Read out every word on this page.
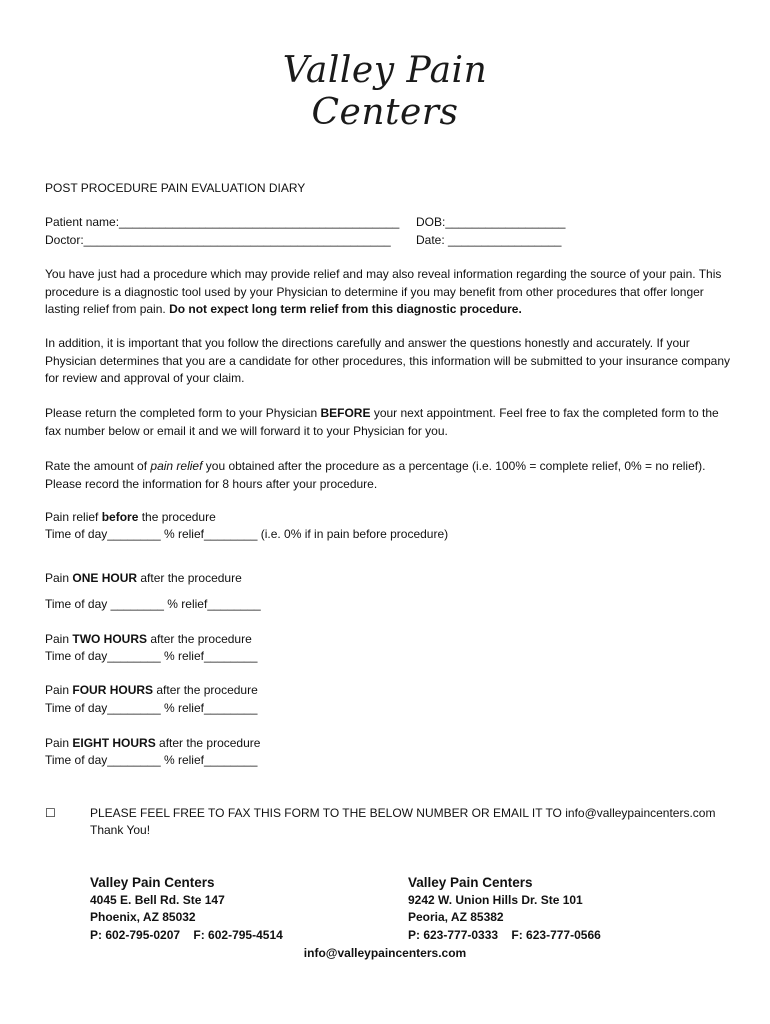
Valley Pain
Centers
POST PROCEDURE PAIN EVALUATION DIARY
Patient name:__________________________________________ DOB:__________________
Doctor:______________________________________________ Date: _________________
You have just had a procedure which may provide relief and may also reveal information regarding the source of your pain. This procedure is a diagnostic tool used by your Physician to determine if you may benefit from other procedures that offer longer lasting relief from pain. Do not expect long term relief from this diagnostic procedure.
In addition, it is important that you follow the directions carefully and answer the questions honestly and accurately. If your Physician determines that you are a candidate for other procedures, this information will be submitted to your insurance company for review and approval of your claim.
Please return the completed form to your Physician BEFORE your next appointment. Feel free to fax the completed form to the fax number below or email it and we will forward it to your Physician for you.
Rate the amount of pain relief you obtained after the procedure as a percentage (i.e. 100% = complete relief, 0% = no relief). Please record the information for 8 hours after your procedure.
Pain relief before the procedure
Time of day________ % relief________ (i.e. 0% if in pain before procedure)
Pain ONE HOUR after the procedure
Time of day ________ % relief________
Pain TWO HOURS after the procedure
Time of day________ % relief________
Pain FOUR HOURS after the procedure
Time of day________ % relief________
Pain EIGHT HOURS after the procedure
Time of day________ % relief________
☐	PLEASE FEEL FREE TO FAX THIS FORM TO THE BELOW NUMBER OR EMAIL IT TO info@valleypaincenters.com
Thank You!
Valley Pain Centers
4045 E. Bell Rd. Ste 147
Phoenix, AZ 85032
P: 602-795-0207    F: 602-795-4514
Valley Pain Centers
9242 W. Union Hills Dr. Ste 101
Peoria, AZ 85382
P: 623-777-0333    F: 623-777-0566
info@valleypaincenters.com
